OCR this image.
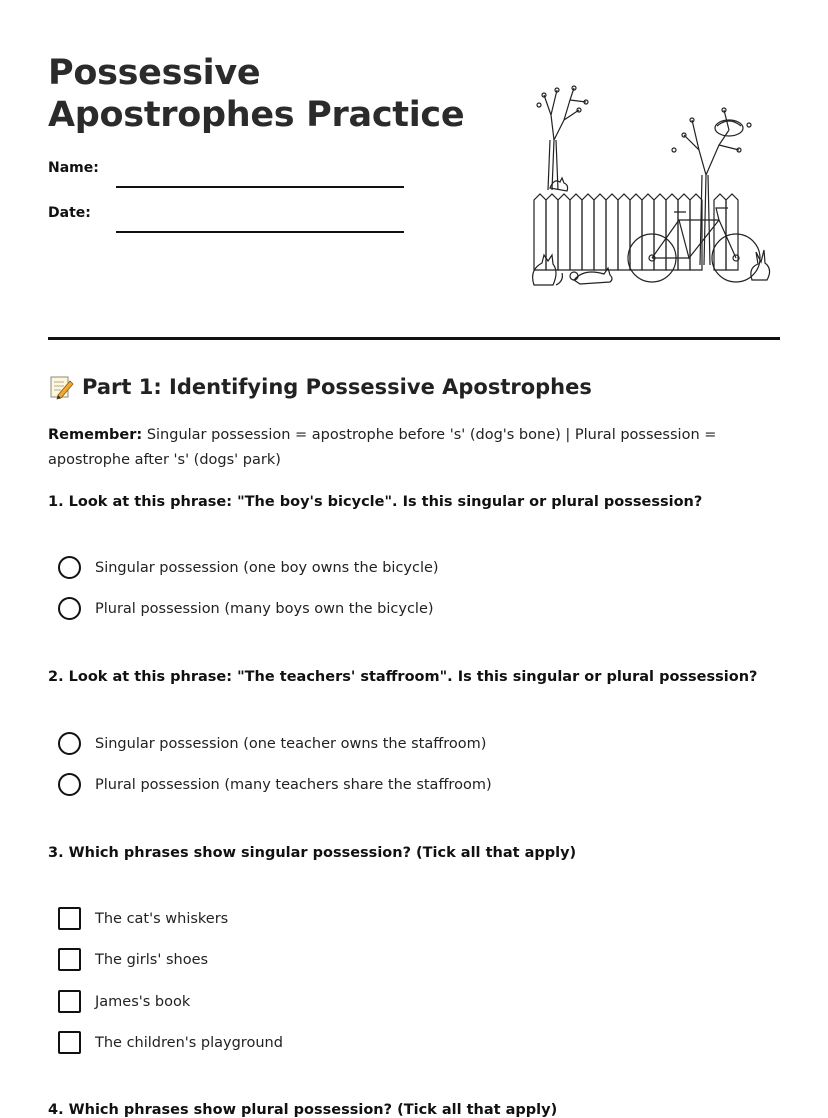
Possessive Apostrophes Practice
Name:
Date:
Part 1: Identifying Possessive Apostrophes

Remember: Singular possession = apostrophe before 's' (dog's bone) | Plural possession = apostrophe after 's' (dogs' park)

1. Look at this phrase: "The boy's bicycle". Is this singular or plural possession?
Singular possession (one boy owns the bicycle)
Plural possession (many boys own the bicycle)
2. Look at this phrase: "The teachers' staffroom". Is this singular or plural possession?
Singular possession (one teacher owns the staffroom)
Plural possession (many teachers share the staffroom)
3. Which phrases show singular possession? (Tick all that apply)
The cat's whiskers
The girls' shoes
James's book
The children's playground
4. Which phrases show plural possession? (Tick all that apply)
